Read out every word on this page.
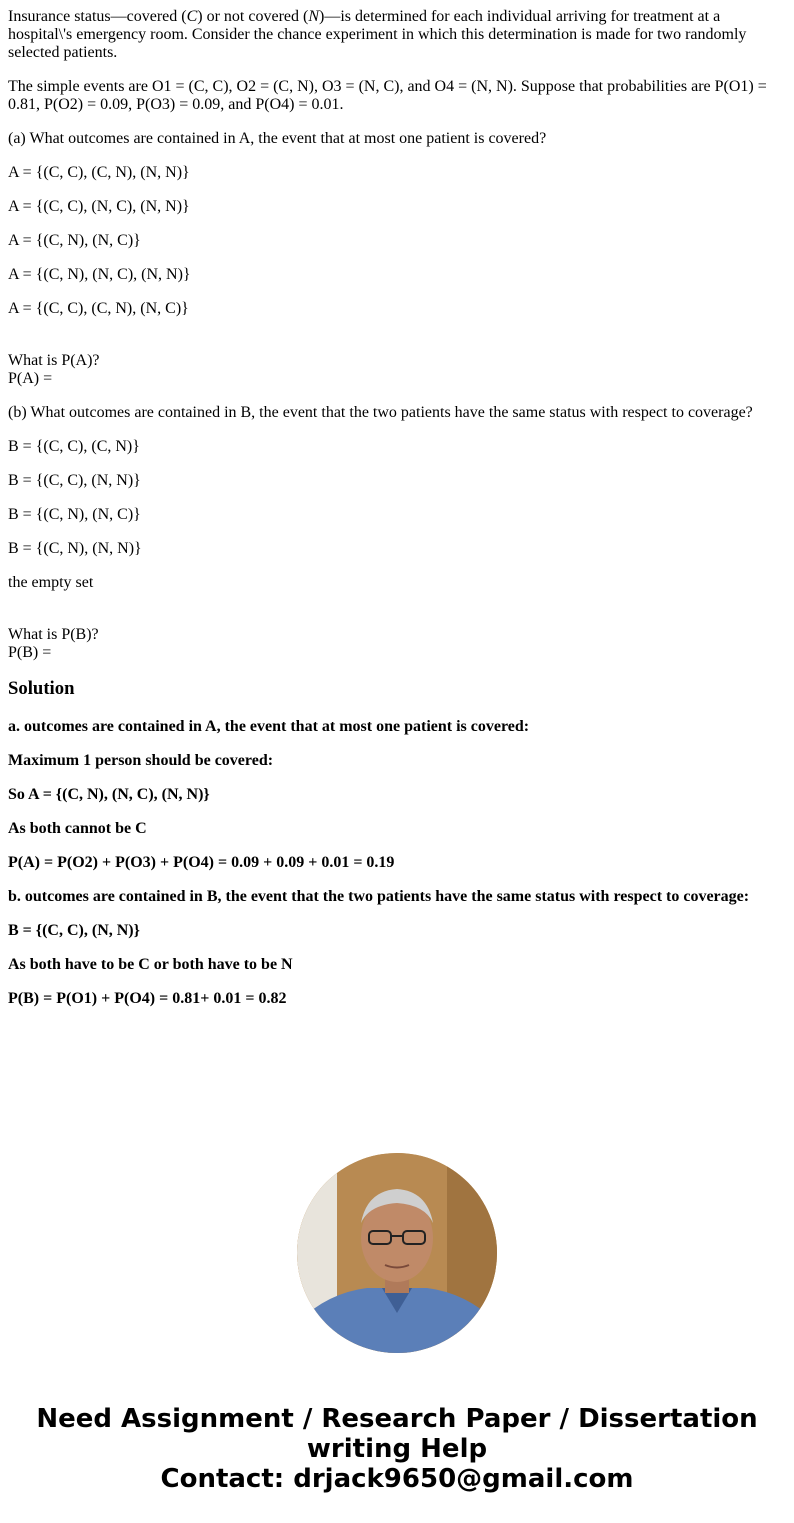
Insurance status—covered (C) or not covered (N)—is determined for each individual arriving for treatment at a hospital\'s emergency room. Consider the chance experiment in which this determination is made for two randomly selected patients.

The simple events are O1 = (C, C), O2 = (C, N), O3 = (N, C), and O4 = (N, N). Suppose that probabilities are P(O1) = 0.81, P(O2) = 0.09, P(O3) = 0.09, and P(O4) = 0.01.

(a) What outcomes are contained in A, the event that at most one patient is covered?

A = {(C, C), (C, N), (N, N)}

A = {(C, C), (N, C), (N, N)}

A = {(C, N), (N, C)}

A = {(C, N), (N, C), (N, N)}

A = {(C, C), (C, N), (N, C)}

What is P(A)?

P(A) =

(b) What outcomes are contained in B, the event that the two patients have the same status with respect to coverage?

B = {(C, C), (C, N)}

B = {(C, C), (N, N)}

B = {(C, N), (N, C)}

B = {(C, N), (N, N)}

the empty set

What is P(B)?

P(B) =

Solution

a. outcomes are contained in A, the event that at most one patient is covered:

Maximum 1 person should be covered:

So A = {(C, N), (N, C), (N, N)}

As both cannot be C

P(A) = P(O2) + P(O3) + P(O4) = 0.09 + 0.09 + 0.01 = 0.19

b. outcomes are contained in B, the event that the two patients have the same status with respect to coverage:

B = {(C, C), (N, N)}

As both have to be C or both have to be N

P(B) = P(O1) + P(O4) = 0.81+ 0.01 = 0.82

Need Assignment / Research Paper / Dissertation
writing Help
Contact: drjack9650@gmail.com
